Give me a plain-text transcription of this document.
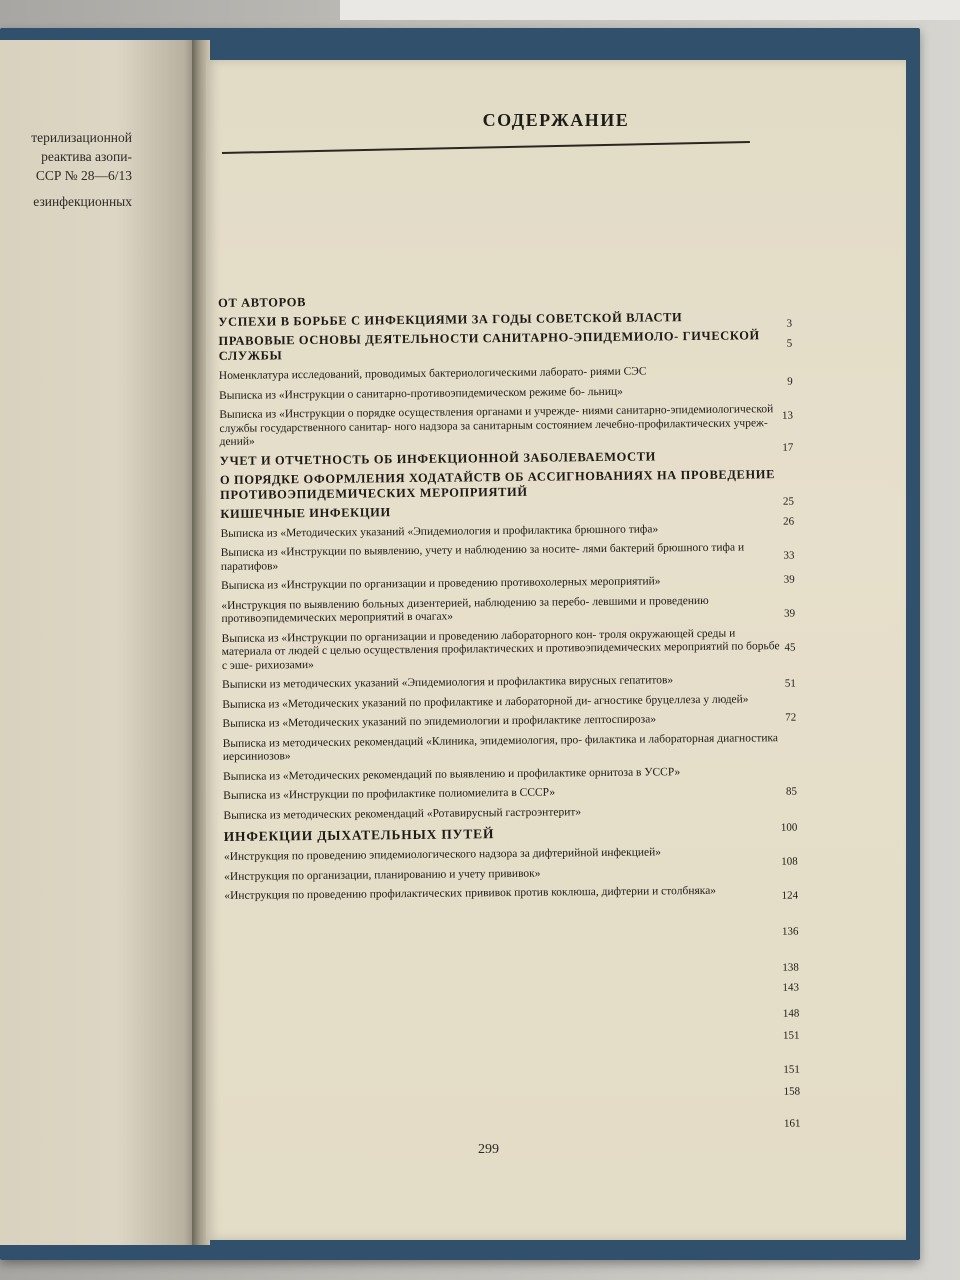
терилизационной
реактива азопи-
ССР № 28—6/13
езинфекционных
СОДЕРЖАНИЕ
ОТ АВТОРОВ
УСПЕХИ В БОРЬБЕ С ИНФЕКЦИЯМИ ЗА ГОДЫ СОВЕТСКОЙ ВЛАСТИ
ПРАВОВЫЕ ОСНОВЫ ДЕЯТЕЛЬНОСТИ САНИТАРНО-ЭПИДЕМИОЛО- ГИЧЕСКОЙ СЛУЖБЫ
Номенклатура исследований, проводимых бактериологическими лаборато- риями СЭС
Выписка из «Инструкции о санитарно-противоэпидемическом режиме бо- льниц»
Выписка из «Инструкции о порядке осуществления органами и учрежде- ниями санитарно-эпидемиологической службы государственного санитар- ного надзора за санитарным состоянием лечебно-профилактических учреж- дений»
УЧЕТ И ОТЧЕТНОСТЬ ОБ ИНФЕКЦИОННОЙ ЗАБОЛЕВАЕМОСТИ
О ПОРЯДКЕ ОФОРМЛЕНИЯ ХОДАТАЙСТВ ОБ АССИГНОВАНИЯХ НА ПРОВЕДЕНИЕ ПРОТИВОЭПИДЕМИЧЕСКИХ МЕРОПРИЯТИЙ
КИШЕЧНЫЕ ИНФЕКЦИИ
Выписка из «Методических указаний «Эпидемиология и профилактика брюшного тифа»
Выписка из «Инструкции по выявлению, учету и наблюдению за носите- лями бактерий брюшного тифа и паратифов»
Выписка из «Инструкции по организации и проведению противохолерных мероприятий»
«Инструкция по выявлению больных дизентерией, наблюдению за перебо- левшими и проведению противоэпидемических мероприятий в очагах»
Выписка из «Инструкции по организации и проведению лабораторного кон- троля окружающей среды и материала от людей с целью осуществления профилактических и противоэпидемических мероприятий по борьбе с эше- рихиозами»
Выписки из методических указаний «Эпидемиология и профилактика вирусных гепатитов»
Выписка из «Методических указаний по профилактике и лабораторной ди- агностике бруцеллеза у людей»
Выписка из «Методических указаний по эпидемиологии и профилактике лептоспироза»
Выписка из методических рекомендаций «Клиника, эпидемиология, про- филактика и лабораторная диагностика иерсиниозов»
Выписка из «Методических рекомендаций по выявлению и профилактике орнитоза в УССР»
Выписка из «Инструкции по профилактике полиомиелита в СССР»
Выписка из методических рекомендаций «Ротавирусный гастроэнтерит»
ИНФЕКЦИИ ДЫХАТЕЛЬНЫХ ПУТЕЙ
«Инструкция по проведению эпидемиологического надзора за дифтерийной инфекцией»
«Инструкция по организации, планированию и учету прививок»
«Инструкция по проведению профилактических прививок против коклюша, дифтерии и столбняка»
3
5
9
13
17
25
26
33
39
39
45
51
72
85
100
108
124
136
138
143
148
151
151
158
161
299
